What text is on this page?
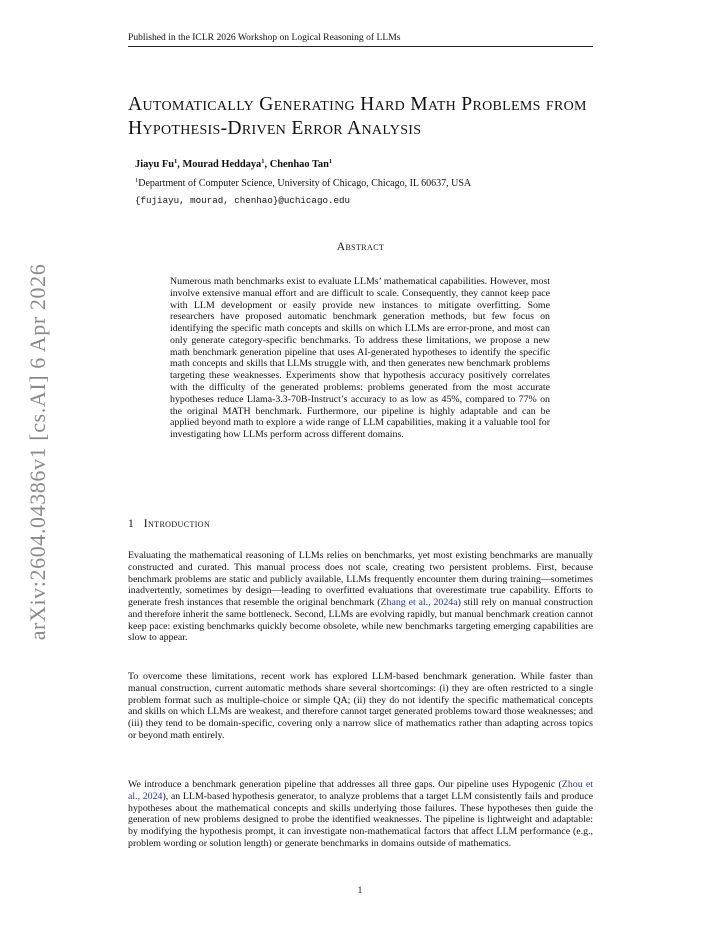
Published in the ICLR 2026 Workshop on Logical Reasoning of LLMs
arXiv:2604.04386v1 [cs.AI] 6 Apr 2026
Automatically Generating Hard Math Problems from Hypothesis-Driven Error Analysis
Jiayu Fu$^1$, Mourad Heddaya$^1$, Chenhao Tan$^1$
$^1$Department of Computer Science, University of Chicago, Chicago, IL 60637, USA
{fujiayu, mourad, chenhao}@uchicago.edu
Abstract
Numerous math benchmarks exist to evaluate LLMs’ mathematical capabilities. However, most involve extensive manual effort and are difficult to scale. Consequently, they cannot keep pace with LLM development or easily provide new instances to mitigate overfitting. Some researchers have proposed automatic benchmark generation methods, but few focus on identifying the specific math concepts and skills on which LLMs are error-prone, and most can only generate category-specific benchmarks. To address these limitations, we propose a new math benchmark generation pipeline that uses AI-generated hypotheses to identify the specific math concepts and skills that LLMs struggle with, and then generates new benchmark problems targeting these weaknesses. Experiments show that hypothesis accuracy positively correlates with the difficulty of the generated problems: problems generated from the most accurate hypotheses reduce Llama-3.3-70B-Instruct’s accuracy to as low as 45%, compared to 77% on the original MATH benchmark. Furthermore, our pipeline is highly adaptable and can be applied beyond math to explore a wide range of LLM capabilities, making it a valuable tool for investigating how LLMs perform across different domains.
1 Introduction

Evaluating the mathematical reasoning of LLMs relies on benchmarks, yet most existing benchmarks are manually constructed and curated. This manual process does not scale, creating two persistent problems. First, because benchmark problems are static and publicly available, LLMs frequently encounter them during training—sometimes inadvertently, sometimes by design—leading to overfitted evaluations that overestimate true capability. Efforts to generate fresh instances that resemble the original benchmark (Zhang et al., 2024a) still rely on manual construction and therefore inherit the same bottleneck. Second, LLMs are evolving rapidly, but manual benchmark creation cannot keep pace: existing benchmarks quickly become obsolete, while new benchmarks targeting emerging capabilities are slow to appear.

To overcome these limitations, recent work has explored LLM-based benchmark generation. While faster than manual construction, current automatic methods share several shortcomings: (i) they are often restricted to a single problem format such as multiple-choice or simple QA; (ii) they do not identify the specific mathematical concepts and skills on which LLMs are weakest, and therefore cannot target generated problems toward those weaknesses; and (iii) they tend to be domain-specific, covering only a narrow slice of mathematics rather than adapting across topics or beyond math entirely.

We introduce a benchmark generation pipeline that addresses all three gaps. Our pipeline uses Hypogenic (Zhou et al., 2024), an LLM-based hypothesis generator, to analyze problems that a target LLM consistently fails and produce hypotheses about the mathematical concepts and skills underlying those failures. These hypotheses then guide the generation of new problems designed to probe the identified weaknesses. The pipeline is lightweight and adaptable: by modifying the hypothesis prompt, it can investigate non-mathematical factors that affect LLM performance (e.g., problem wording or solution length) or generate benchmarks in domains outside of mathematics.

1
